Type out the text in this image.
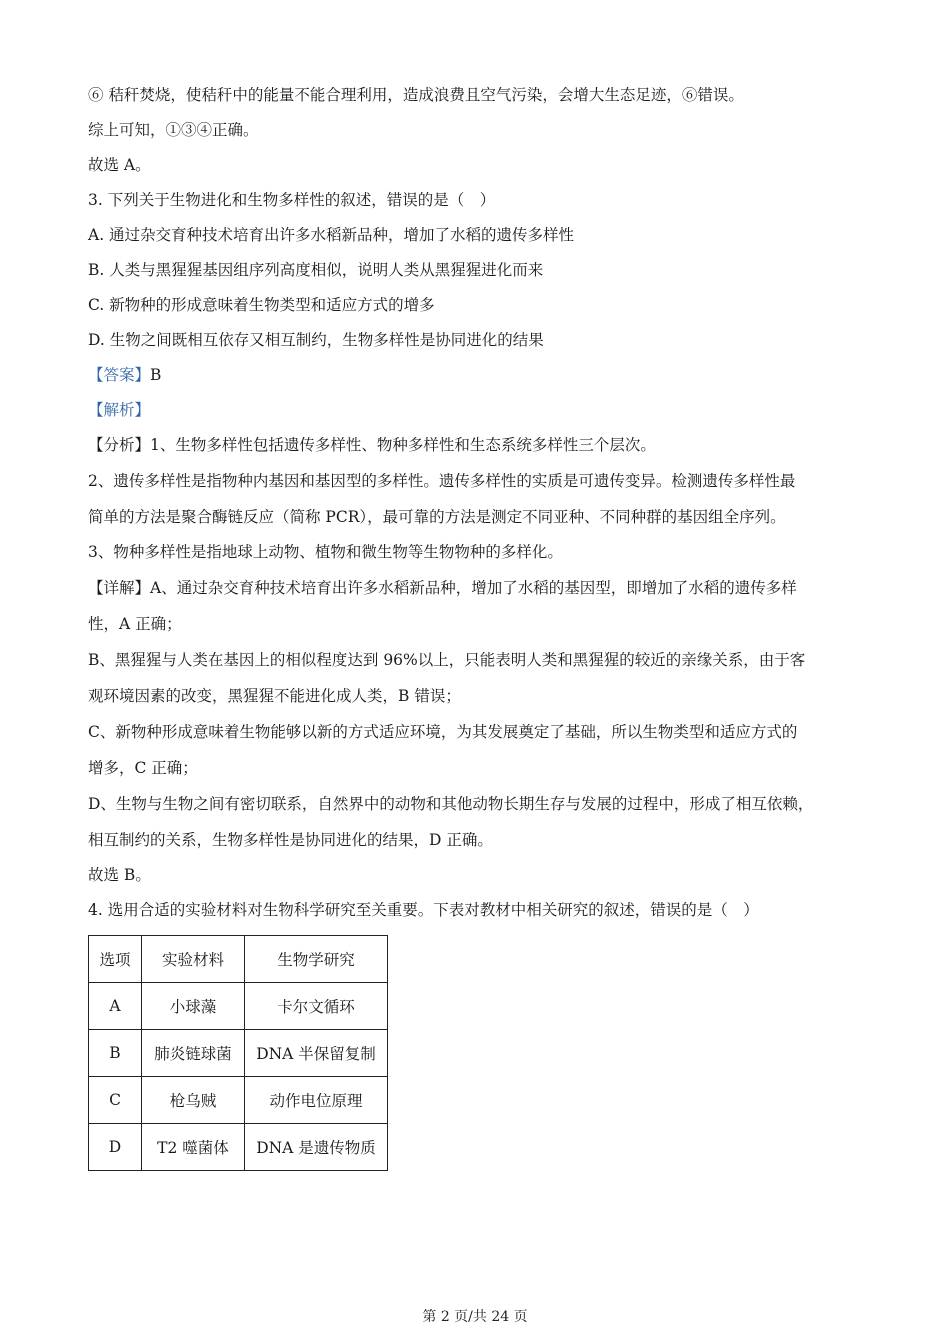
⑥ 秸秆焚烧，使秸秆中的能量不能合理利用，造成浪费且空气污染，会增大生态足迹，⑥错误。
综上可知，①③④正确。
故选 A。
3. 下列关于生物进化和生物多样性的叙述，错误的是（　）
A. 通过杂交育种技术培育出许多水稻新品种，增加了水稻的遗传多样性
B. 人类与黑猩猩基因组序列高度相似，说明人类从黑猩猩进化而来
C. 新物种的形成意味着生物类型和适应方式的增多
D. 生物之间既相互依存又相互制约，生物多样性是协同进化的结果
【答案】B
【解析】
【分析】1、生物多样性包括遗传多样性、物种多样性和生态系统多样性三个层次。
2、遗传多样性是指物种内基因和基因型的多样性。遗传多样性的实质是可遗传变异。检测遗传多样性最
简单的方法是聚合酶链反应（简称 PCR），最可靠的方法是测定不同亚种、不同种群的基因组全序列。
3、物种多样性是指地球上动物、植物和微生物等生物物种的多样化。
【详解】A、通过杂交育种技术培育出许多水稻新品种，增加了水稻的基因型，即增加了水稻的遗传多样
性，A 正确；
B、黑猩猩与人类在基因上的相似程度达到 96%以上，只能表明人类和黑猩猩的较近的亲缘关系，由于客
观环境因素的改变，黑猩猩不能进化成人类，B 错误；
C、新物种形成意味着生物能够以新的方式适应环境，为其发展奠定了基础，所以生物类型和适应方式的
增多，C 正确；
D、生物与生物之间有密切联系，自然界中的动物和其他动物长期生存与发展的过程中，形成了相互依赖，
相互制约的关系，生物多样性是协同进化的结果，D 正确。
故选 B。
4. 选用合适的实验材料对生物科学研究至关重要。下表对教材中相关研究的叙述，错误的是（　）
选项	实验材料	生物学研究
A	小球藻	卡尔文循环
B	肺炎链球菌	DNA 半保留复制
C	枪乌贼	动作电位原理
D	T2 噬菌体	DNA 是遗传物质
第 2 页/共 24 页
